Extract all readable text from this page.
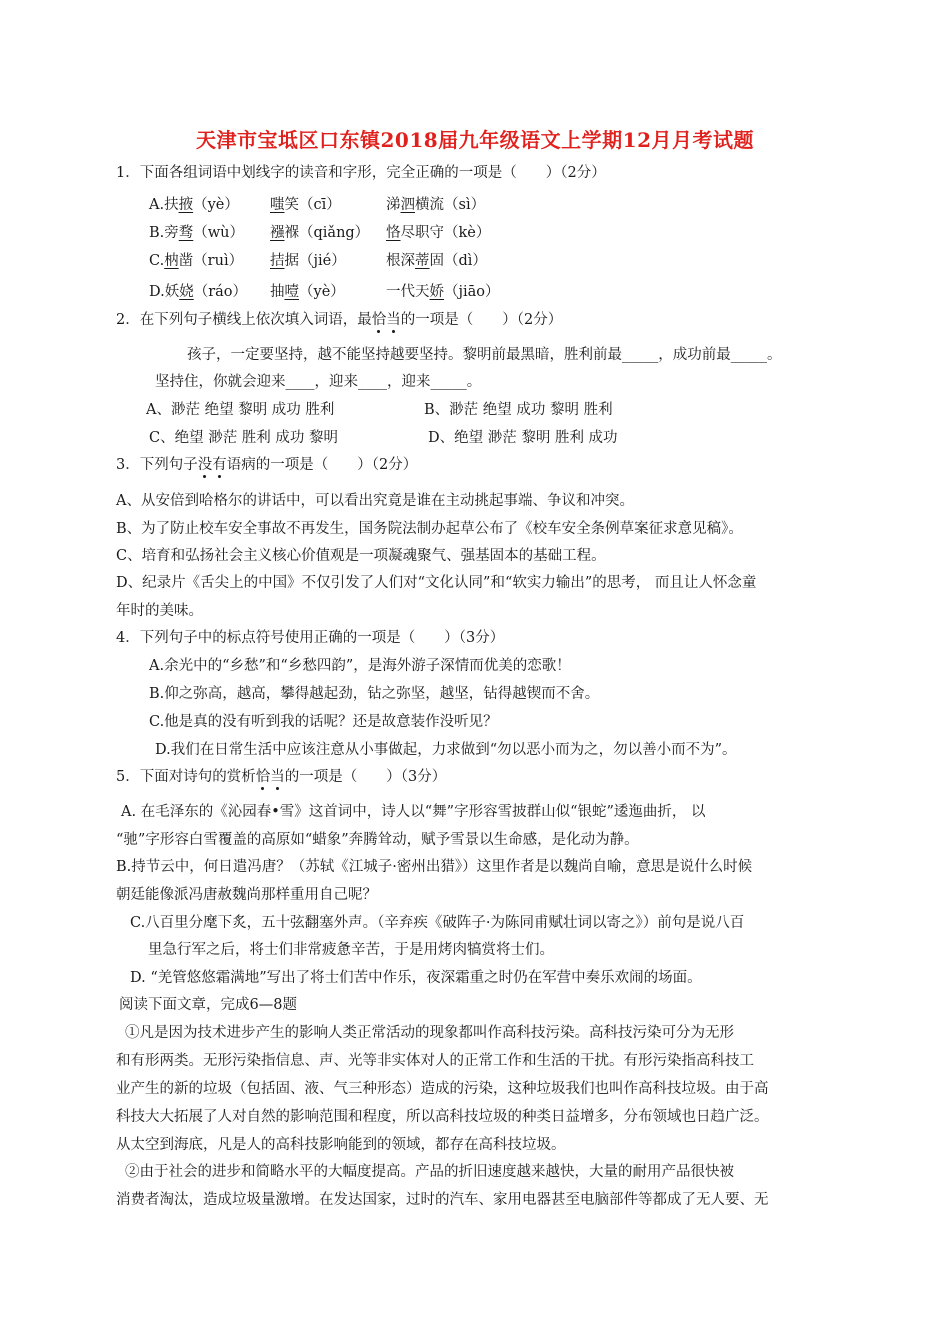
天津市宝坻区口东镇2018届九年级语文上学期12月月考试题
1．下面各组词语中划线字的读音和字形，完全正确的一项是（　　）（2分）
A.扶掖（yè）	嗤笑（cī）	涕泗横流（sì）
B.旁骛（wù） 襁褓（qiǎng） 恪尽职守（kè）
C.枘凿（ruì） 拮据（jié）	根深蒂固（dì）
D.妖娆（ráo） 抽噎（yè）	一代天娇（jiāo）
2．在下列句子横线上依次填入词语，最恰当的一项是（　　）（2分）
孩子，一定要坚持，越不能坚持越要坚持。黎明前最黑暗，胜利前最_____，成功前最_____。
坚持住，你就会迎来____，迎来____，迎来_____。
A、渺茫 绝望 黎明 成功 胜利	B、渺茫 绝望 成功 黎明 胜利
C、绝望 渺茫 胜利 成功 黎明	D、绝望 渺茫 黎明 胜利 成功
3．下列句子没有语病的一项是（　　）（2分）
A、从安倍到哈格尔的讲话中，可以看出究竟是谁在主动挑起事端、争议和冲突。
B、为了防止校车安全事故不再发生，国务院法制办起草公布了《校车安全条例草案征求意见稿》。
C、培育和弘扬社会主义核心价值观是一项凝魂聚气、强基固本的基础工程。
D、纪录片《舌尖上的中国》不仅引发了人们对“文化认同”和“软实力输出”的思考， 而且让人怀念童
年时的美味。
4．下列句子中的标点符号使用正确的一项是（　　）（3分）
A.余光中的“乡愁”和“乡愁四韵”，是海外游子深情而优美的恋歌！
B.仰之弥高，越高，攀得越起劲，钻之弥坚，越坚，钻得越锲而不舍。
C.他是真的没有听到我的话呢？还是故意装作没听见？
D.我们在日常生活中应该注意从小事做起，力求做到“勿以恶小而为之，勿以善小而不为”。
5．下面对诗句的赏析恰当的一项是（　　）（3分）
A. 在毛泽东的《沁园春•雪》这首词中，诗人以“舞”字形容雪披群山似“银蛇”逶迤曲折， 以
“驰”字形容白雪覆盖的高原如“蜡象”奔腾耸动，赋予雪景以生命感，是化动为静。
B.持节云中，何日遣冯唐？（苏轼《江城子·密州出猎》）这里作者是以魏尚自喻，意思是说什么时候
朝廷能像派冯唐赦魏尚那样重用自己呢？
C.八百里分麾下炙，五十弦翻塞外声。（辛弃疾《破阵子·为陈同甫赋壮词以寄之》）前句是说八百
里急行军之后，将士们非常疲惫辛苦，于是用烤肉犒赏将士们。
D. “羌管悠悠霜满地”写出了将士们苦中作乐，夜深霜重之时仍在军营中奏乐欢闹的场面。
阅读下面文章，完成6—8题
①凡是因为技术进步产生的影响人类正常活动的现象都叫作高科技污染。高科技污染可分为无形
和有形两类。无形污染指信息、声、光等非实体对人的正常工作和生活的干扰。有形污染指高科技工
业产生的新的垃圾（包括固、液、气三种形态）造成的污染，这种垃圾我们也叫作高科技垃圾。由于高
科技大大拓展了人对自然的影响范围和程度，所以高科技垃圾的种类日益增多，分布领域也日趋广泛。
从太空到海底，凡是人的高科技影响能到的领域，都存在高科技垃圾。
②由于社会的进步和简略水平的大幅度提高。产品的折旧速度越来越快，大量的耐用产品很快被
消费者淘汰，造成垃圾量激增。在发达国家，过时的汽车、家用电器甚至电脑部件等都成了无人要、无
